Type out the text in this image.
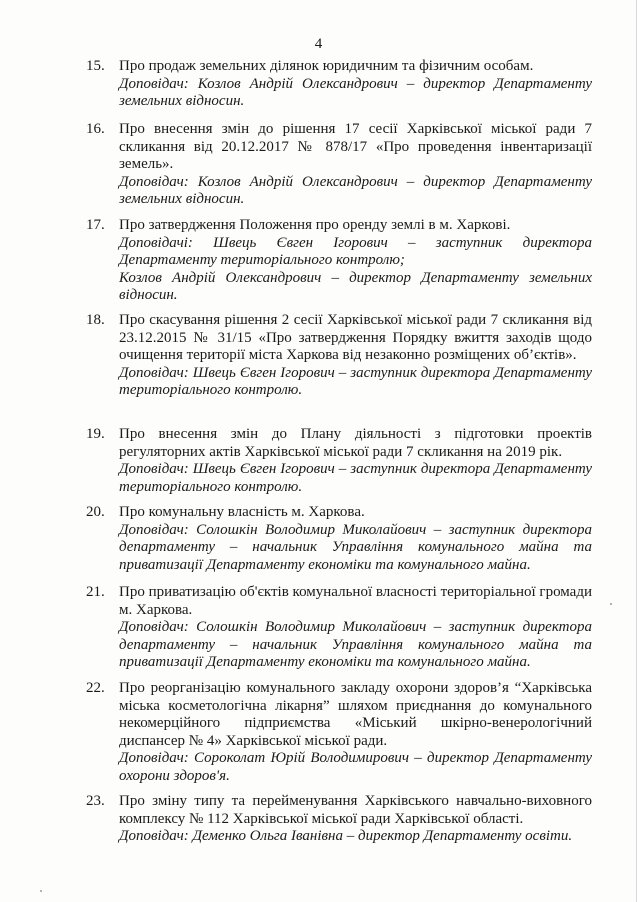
4
15. Про продаж земельних ділянок юридичним та фізичним особам.
Доповідач: Козлов Андрій Олександрович – директор Департаменту земельних відносин.
16. Про внесення змін до рішення 17 сесії Харківської міської ради 7 скликання від 20.12.2017 № 878/17 «Про проведення інвентаризації земель».
Доповідач: Козлов Андрій Олександрович – директор Департаменту земельних відносин.
17. Про затвердження Положення про оренду землі в м. Харкові.
Доповідачі: Швець Євген Ігорович – заступник директора Департаменту територіального контролю;
Козлов Андрій Олександрович – директор Департаменту земельних відносин.
18. Про скасування рішення 2 сесії Харківської міської ради 7 скликання від 23.12.2015 № 31/15 «Про затвердження Порядку вжиття заходів щодо очищення території міста Харкова від незаконно розміщених об’єктів».
Доповідач: Швець Євген Ігорович – заступник директора Департаменту територіального контролю.
19. Про внесення змін до Плану діяльності з підготовки проектів регуляторних актів Харківської міської ради 7 скликання на 2019 рік.
Доповідач: Швець Євген Ігорович – заступник директора Департаменту територіального контролю.
20. Про комунальну власність м. Харкова.
Доповідач: Солошкін Володимир Миколайович – заступник директора департаменту – начальник Управління комунального майна та приватизації Департаменту економіки та комунального майна.
21. Про приватизацію об'єктів комунальної власності територіальної громади м. Харкова.
Доповідач: Солошкін Володимир Миколайович – заступник директора департаменту – начальник Управління комунального майна та приватизації Департаменту економіки та комунального майна.
22. Про реорганізацію комунального закладу охорони здоров’я “Харківська міська косметологічна лікарня” шляхом приєднання до комунального некомерційного підприємства «Міський шкірно-венерологічний диспансер № 4» Харківської міської ради.
Доповідач: Сороколат Юрій Володимирович – директор Департаменту охорони здоров'я.
23. Про зміну типу та перейменування Харківського навчально-виховного комплексу № 112 Харківської міської ради Харківської області.
Доповідач: Деменко Ольга Іванівна – директор Департаменту освіти.
